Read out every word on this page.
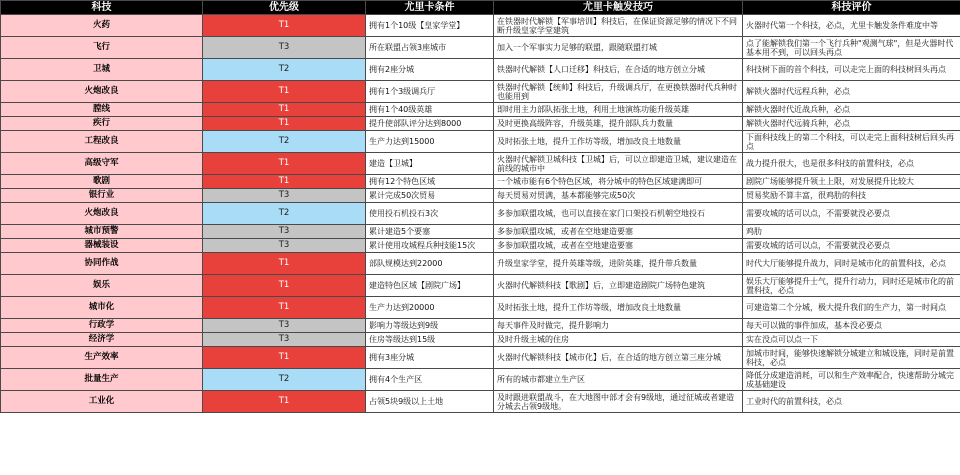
科技	优先级	尤里卡条件	尤里卡触发技巧	科技评价
火药	T1	拥有1个10级【皇家学堂】	在铁器时代解锁【军事培训】科技后，在保证资源足够的情况下不同断升级皇家学堂建筑	火器时代第一个科技，必点，尤里卡触发条件难度中等
飞行	T3	所在联盟占领3座城市	加入一个军事实力足够的联盟，跟随联盟打城	点了能解锁我们第一个飞行兵种"观测气球"，但是火器时代基本用不到，可以回头再点
卫城	T2	拥有2座分城	铁器时代解锁【人口迁移】科技后，在合适的地方创立分城	科技树下面的首个科技，可以走完上面的科技树回头再点
火炮改良	T1	拥有1个3级调兵厅	铁器时代解锁【统帅】科技后，升级调兵厅，在更换铁器时代兵种时也能用到	解锁火器时代远程兵种，必点
膛线	T1	拥有1个40级英雄	即时用主力部队拓张土地，利用土地演练功能升级英雄	解锁火器时代近战兵种，必点
疾行	T1	提升使部队评分达到8000	及时更换高级阵容，升级英雄，提升部队兵力数量	解锁火器时代远骑兵种，必点
工程改良	T2	生产力达到15000	及时拓张土地，提升工作坊等级，增加改良土地数量	下面科技线上的第二个科技，可以走完上面科技树后回头再点
高级守军	T1	建造【卫城】	火器时代解锁卫城科技【卫城】后，可以立即建造卫城，建议建造在前线的城市中	战力提升很大，也是很多科技的前置科技，必点
歌剧	T1	拥有12个特色区域	一个城市能有6个特色区域，将分城中的特色区域建满即可	剧院广场能够提升领土上限，对发展提升比较大
银行业	T3	累计完成50次贸易	每天贸易对贸满，基本都能够完成50次	贸易奖励不算丰富，很鸡肋的科技
火炮改良	T2	使用投石机投石3次	多参加联盟攻城，也可以直接在家门口架投石机朝空地投石	需要攻城的话可以点，不需要就没必要点
城市预警	T3	累计建造5个要塞	多参加联盟攻城，或者在空地建造要塞	鸡肋
器械装设	T3	累计使用攻城程兵种技能15次	多参加联盟攻城，或者在空地建造要塞	需要攻城的话可以点，不需要就没必要点
协同作战	T1	部队规模达到22000	升级皇家学堂，提升英雄等级，进阶英雄，提升带兵数量	时代大厅能够提升战力，同时是城市化的前置科技，必点
娱乐	T1	建造特色区域【剧院广场】	火器时代解锁科技【歌剧】后，立即建造剧院广场特色建筑	娱乐大厅能够提升士气，提升行动力，同时还是城市化的前置科技，必点
城市化	T1	生产力达到20000	及时拓张土地，提升工作坊等级，增加改良土地数量	可建造第二个分城，极大提升我们的生产力，第一时间点
行政学	T3	影响力等级达到9级	每天事件及时做完，提升影响力	每天可以做的事件加成，基本没必要点
经济学	T3	住房等级达到15级	及时升级主城的住房	实在没点可以点一下
生产效率	T1	拥有3座分城	火器时代解锁科技【城市化】后，在合适的地方创立第三座分城	加城市时间，能够快速解锁分城建立和城设施，同时是前置科技，必点
批量生产	T2	拥有4个生产区	所有的城市都建立生产区	降低分成建造消耗，可以和生产效率配合，快速帮助分城完成基础建设
工业化	T1	占领5块9级以上土地	及时跟进联盟战斗，在大地图中部才会有9级地，通过征城或者建造分城去占领9级地。	工业时代的前置科技，必点
